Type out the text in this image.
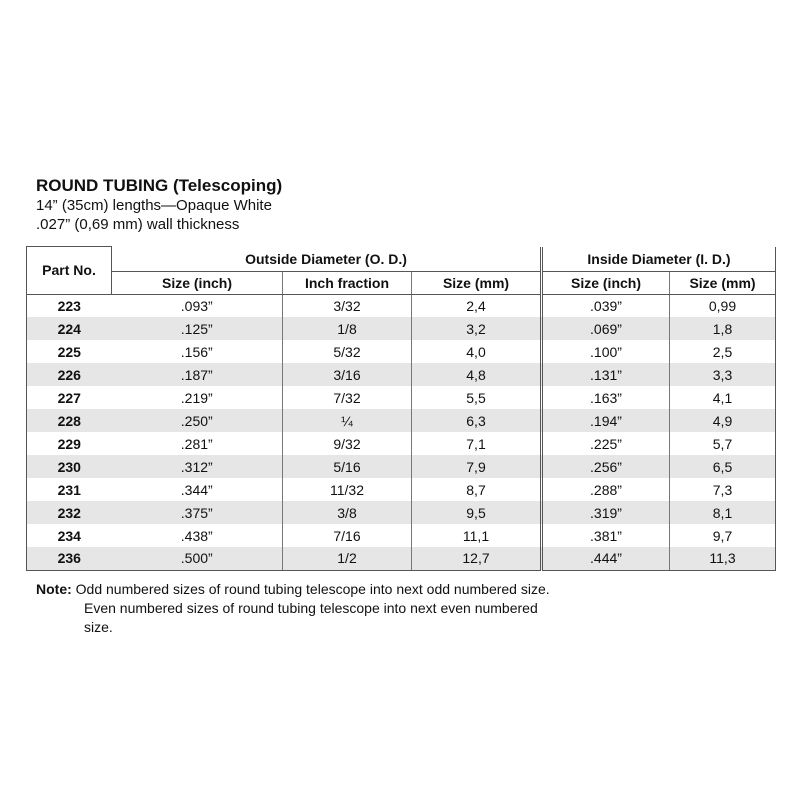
ROUND TUBING (Telescoping)
14” (35cm) lengths—Opaque White
.027” (0,69 mm) wall thickness
Part No.	Outside Diameter (O. D.)			Inside Diameter (I. D.)	
	Size (inch)	Inch fraction	Size (mm)	Size (inch)	Size (mm)
223	.093”	3/32	2,4	.039”	0,99
224	.125”	1/8	3,2	.069”	1,8
225	.156”	5/32	4,0	.100”	2,5
226	.187”	3/16	4,8	.131”	3,3
227	.219”	7/32	5,5	.163”	4,1
228	.250”	¼	6,3	.194”	4,9
229	.281”	9/32	7,1	.225”	5,7
230	.312”	5/16	7,9	.256”	6,5
231	.344”	11/32	8,7	.288”	7,3
232	.375”	3/8	9,5	.319”	8,1
234	.438”	7/16	11,1	.381”	9,7
236	.500”	1/2	12,7	.444”	11,3
Note: Odd numbered sizes of round tubing telescope into next odd numbered size. Even numbered sizes of round tubing telescope into next even numbered size.
